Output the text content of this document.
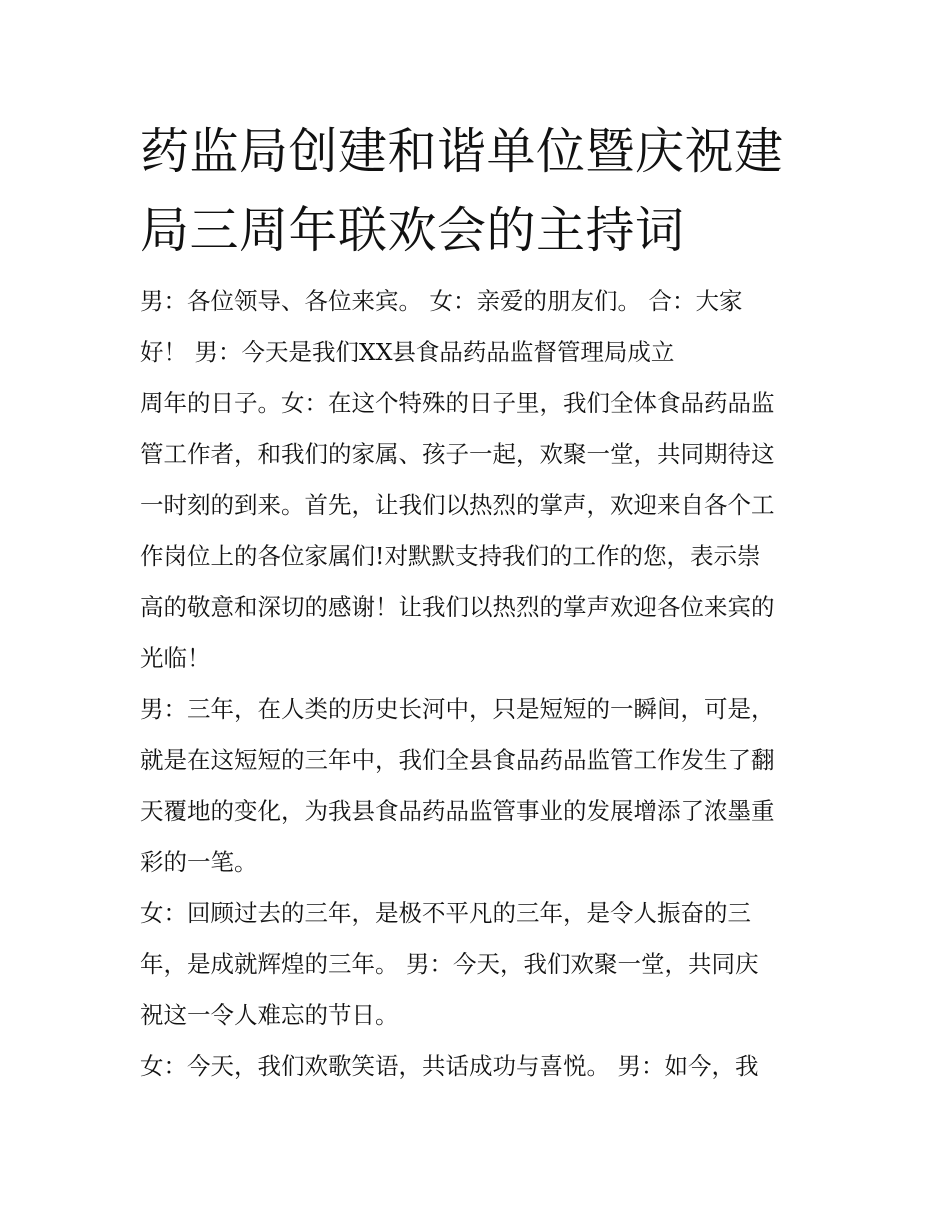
药监局创建和谐单位暨庆祝建
局三周年联欢会的主持词
男：各位领导、各位来宾。 女：亲爱的朋友们。 合：大家
好！ 男：今天是我们XX县食品药品监督管理局成立
周年的日子。女：在这个特殊的日子里，我们全体食品药品监
管工作者，和我们的家属、孩子一起，欢聚一堂，共同期待这
一时刻的到来。首先，让我们以热烈的掌声，欢迎来自各个工
作岗位上的各位家属们!对默默支持我们的工作的您，表示崇
高的敬意和深切的感谢！让我们以热烈的掌声欢迎各位来宾的
光临！
男：三年，在人类的历史长河中，只是短短的一瞬间，可是，
就是在这短短的三年中，我们全县食品药品监管工作发生了翻
天覆地的变化，为我县食品药品监管事业的发展增添了浓墨重
彩的一笔。
女：回顾过去的三年，是极不平凡的三年，是令人振奋的三
年，是成就辉煌的三年。 男：今天，我们欢聚一堂，共同庆
祝这一令人难忘的节日。
女：今天，我们欢歌笑语，共话成功与喜悦。 男：如今，我
